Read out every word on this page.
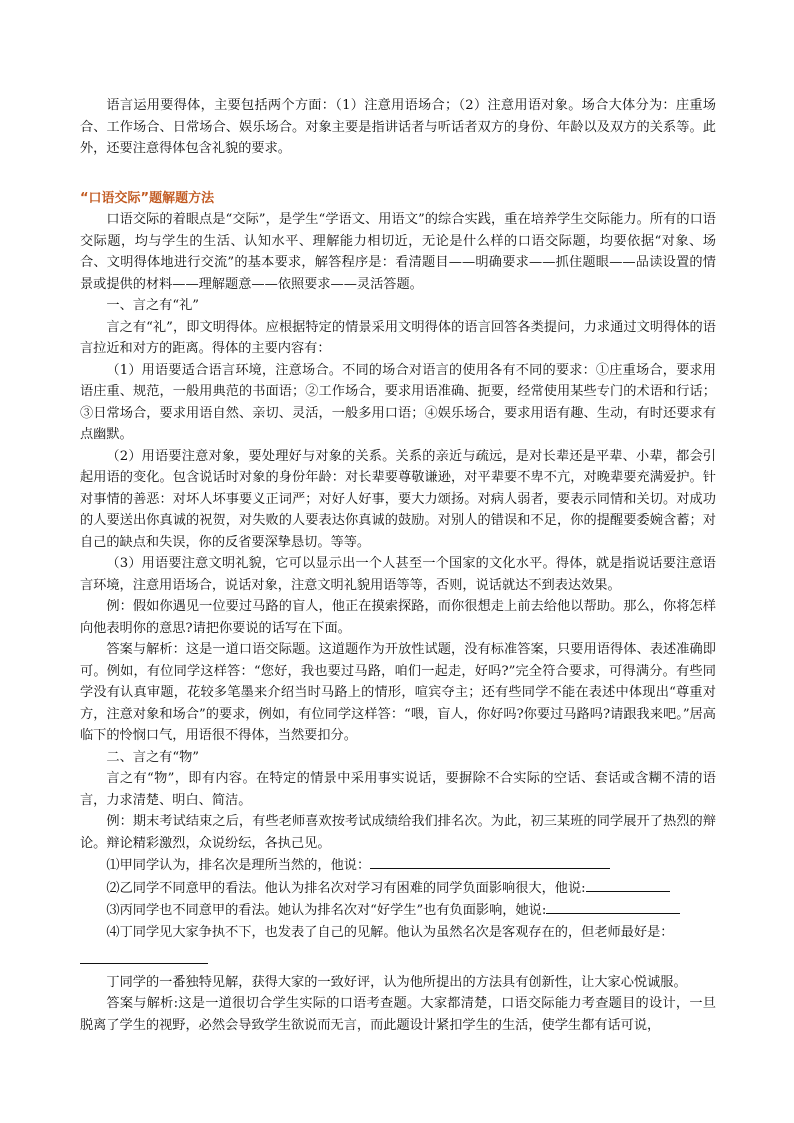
语言运用要得体，主要包括两个方面：（1）注意用语场合；（2）注意用语对象。场合大体分为：庄重场合、工作场合、日常场合、娱乐场合。对象主要是指讲话者与听话者双方的身份、年龄以及双方的关系等。此外，还要注意得体包含礼貌的要求。

“口语交际”题解题方法

口语交际的着眼点是“交际”，是学生“学语文、用语文”的综合实践，重在培养学生交际能力。所有的口语交际题，均与学生的生活、认知水平、理解能力相切近，无论是什么样的口语交际题，均要依据“对象、场合、文明得体地进行交流”的基本要求，解答程序是：看清题目——明确要求——抓住题眼——品读设置的情景或提供的材料——理解题意——依照要求——灵活答题。

一、言之有“礼”

言之有“礼”，即文明得体。应根据特定的情景采用文明得体的语言回答各类提问，力求通过文明得体的语言拉近和对方的距离。得体的主要内容有：

（1）用语要适合语言环境，注意场合。不同的场合对语言的使用各有不同的要求：①庄重场合，要求用语庄重、规范，一般用典范的书面语；②工作场合，要求用语准确、扼要，经常使用某些专门的术语和行话；③日常场合，要求用语自然、亲切、灵活，一般多用口语；④娱乐场合，要求用语有趣、生动，有时还要求有点幽默。

（2）用语要注意对象，要处理好与对象的关系。关系的亲近与疏远，是对长辈还是平辈、小辈，都会引起用语的变化。包含说话时对象的身份年龄：对长辈要尊敬谦逊，对平辈要不卑不亢，对晚辈要充满爱护。针对事情的善恶：对坏人坏事要义正词严；对好人好事，要大力颂扬。对病人弱者，要表示同情和关切。对成功的人要送出你真诚的祝贺，对失败的人要表达你真诚的鼓励。对别人的错误和不足，你的提醒要委婉含蓄；对自己的缺点和失误，你的反省要深挚恳切。等等。

（3）用语要注意文明礼貌，它可以显示出一个人甚至一个国家的文化水平。得体，就是指说话要注意语言环境，注意用语场合，说话对象，注意文明礼貌用语等等，否则，说话就达不到表达效果。

例：假如你遇见一位要过马路的盲人，他正在摸索探路，而你很想走上前去给他以帮助。那么，你将怎样向他表明你的意思?请把你要说的话写在下面。

答案与解析：这是一道口语交际题。这道题作为开放性试题，没有标准答案，只要用语得体、表述准确即可。例如，有位同学这样答：“您好，我也要过马路，咱们一起走，好吗?”完全符合要求，可得满分。有些同学没有认真审题，花较多笔墨来介绍当时马路上的情形，喧宾夺主；还有些同学不能在表述中体现出“尊重对方，注意对象和场合”的要求，例如，有位同学这样答：“喂，盲人，你好吗?你要过马路吗?请跟我来吧。”居高临下的怜悯口气，用语很不得体，当然要扣分。

二、言之有“物”

言之有“物”，即有内容。在特定的情景中采用事实说话，要摒除不合实际的空话、套话或含糊不清的语言，力求清楚、明白、简洁。

例：期末考试结束之后，有些老师喜欢按考试成绩给我们排名次。为此，初三某班的同学展开了热烈的辩论。辩论精彩激烈，众说纷纭，各执己见。

⑴甲同学认为，排名次是理所当然的，他说：

⑵乙同学不同意甲的看法。他认为排名次对学习有困难的同学负面影响很大，他说:

⑶丙同学也不同意甲的看法。她认为排名次对“好学生”也有负面影响，她说:

⑷丁同学见大家争执不下，也发表了自己的见解。他认为虽然名次是客观存在的，但老师最好是：

丁同学的一番独特见解，获得大家的一致好评，认为他所提出的方法具有创新性，让大家心悦诚服。

答案与解析:这是一道很切合学生实际的口语考查题。大家都清楚，口语交际能力考查题目的设计，一旦脱离了学生的视野，必然会导致学生欲说而无言，而此题设计紧扣学生的生活，使学生都有话可说，
